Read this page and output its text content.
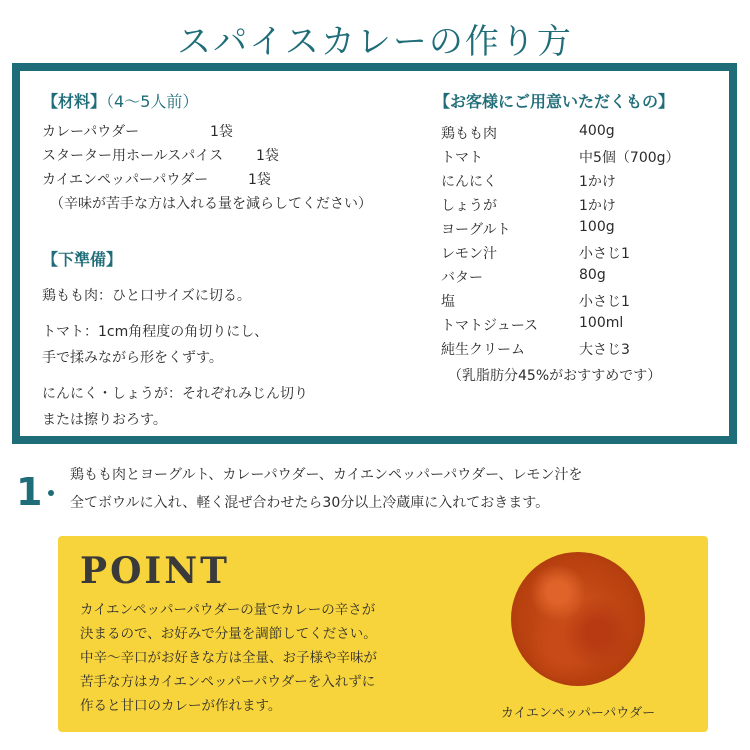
スパイスカレーの作り方
【材料】（4～5人前）
カレーパウダー	1袋
スターター用ホールスパイス 1袋
カイエンペッパーパウダー	1袋
（辛味が苦手な方は入れる量を減らしてください）
【下準備】
鶏もも肉：ひと口サイズに切る。
トマト：1cm角程度の角切りにし、
手で揉みながら形をくずす。
にんにく・しょうが：それぞれみじん切り
または擦りおろす。
【お客様にご用意いただくもの】
鶏もも肉	400g
トマト	中5個（700g）
にんにく	1かけ
しょうが	1かけ
ヨーグルト	100g
レモン汁	小さじ1
バター	80g
塩	小さじ1
トマトジュース	100ml
純生クリーム	大さじ3
（乳脂肪分45%がおすすめです）
1 鶏もも肉とヨーグルト、カレーパウダー、カイエンペッパーパウダー、レモン汁を
全てボウルに入れ、軽く混ぜ合わせたら30分以上冷蔵庫に入れておきます。
POINT
カイエンペッパーパウダーの量でカレーの辛さが
決まるので、お好みで分量を調節してください。
中辛～辛口がお好きな方は全量、お子様や辛味が
苦手な方はカイエンペッパーパウダーを入れずに
作ると甘口のカレーが作れます。	カイエンペッパーパウダー
